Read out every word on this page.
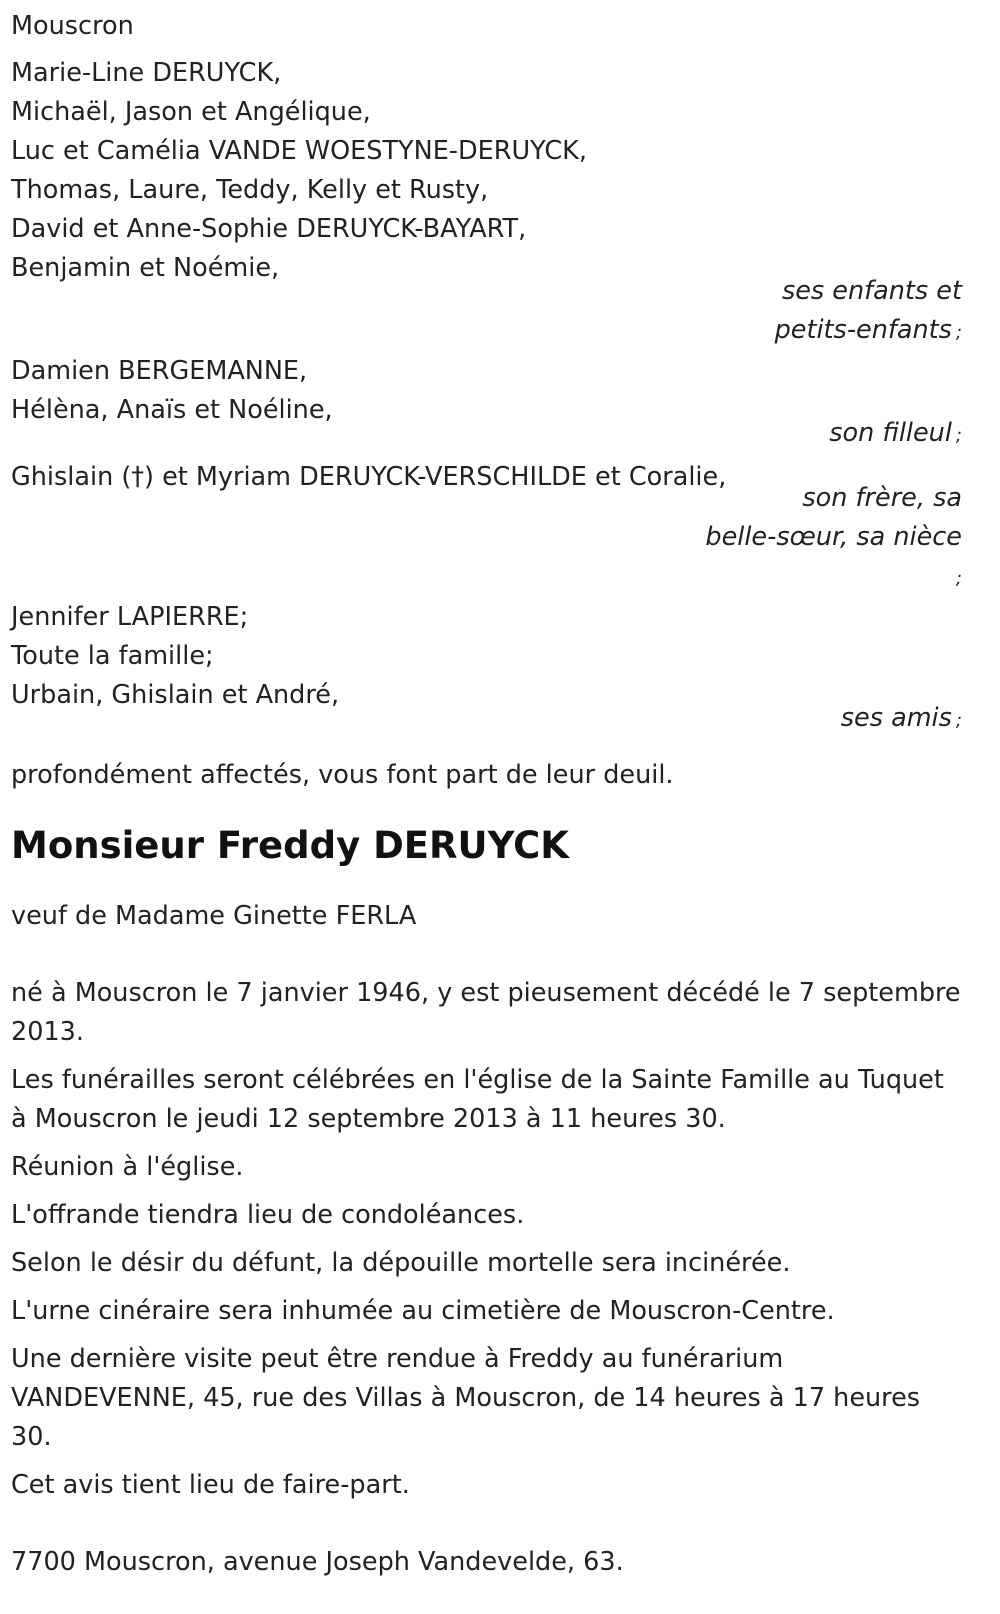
Mouscron
Marie-Line DERUYCK,
Michaël, Jason et Angélique,
Luc et Camélia VANDE WOESTYNE-DERUYCK,
Thomas, Laure, Teddy, Kelly et Rusty,
David et Anne-Sophie DERUYCK-BAYART,
Benjamin et Noémie,
ses enfants et
petits-enfants ;
Damien BERGEMANNE,
Hélèna, Anaïs et Noéline,
son filleul ;
Ghislain (†) et Myriam DERUYCK-VERSCHILDE et Coralie,
son frère, sa
belle-sœur, sa nièce
;
Jennifer LAPIERRE;
Toute la famille;
Urbain, Ghislain et André,
ses amis ;
profondément affectés, vous font part de leur deuil.
Monsieur Freddy DERUYCK
veuf de Madame Ginette FERLA
né à Mouscron le 7 janvier 1946, y est pieusement décédé le 7 septembre 2013.
Les funérailles seront célébrées en l'église de la Sainte Famille au Tuquet à Mouscron le jeudi 12 septembre 2013 à 11 heures 30.
Réunion à l'église.
L'offrande tiendra lieu de condoléances.
Selon le désir du défunt, la dépouille mortelle sera incinérée.
L'urne cinéraire sera inhumée au cimetière de Mouscron-Centre.
Une dernière visite peut être rendue à Freddy au funérarium VANDEVENNE, 45, rue des Villas à Mouscron, de 14 heures à 17 heures 30.
Cet avis tient lieu de faire-part.
7700 Mouscron, avenue Joseph Vandevelde, 63.
